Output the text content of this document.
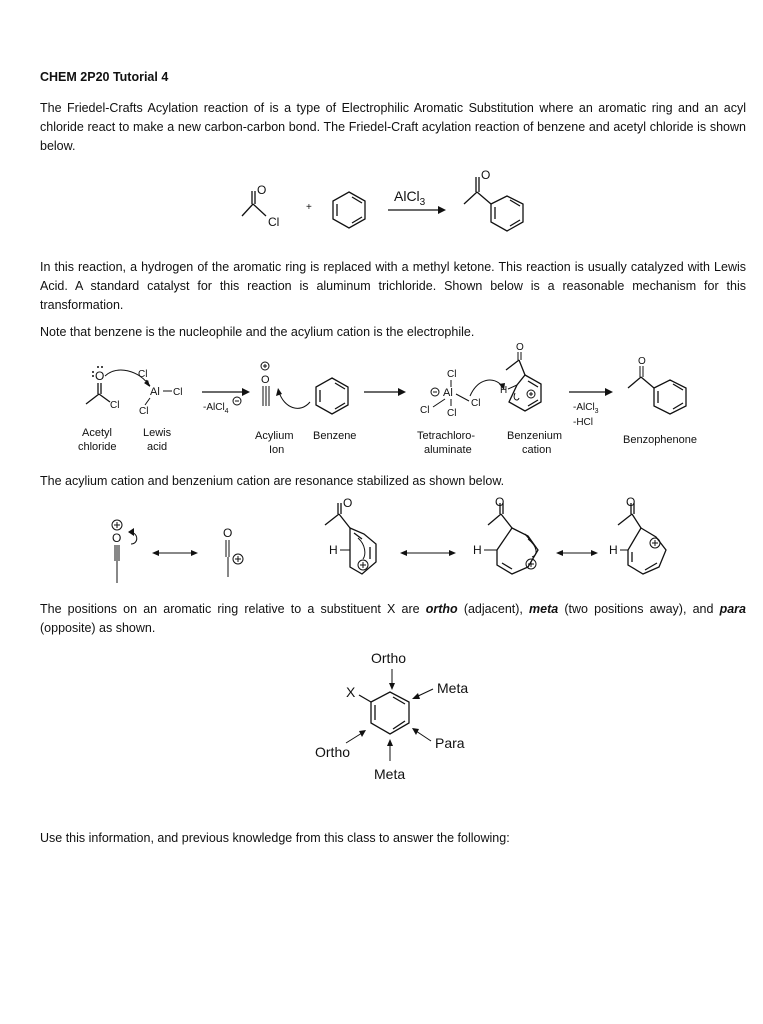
CHEM 2P20 Tutorial 4
The Friedel-Crafts Acylation reaction of is a type of Electrophilic Aromatic Substitution where an aromatic ring and an acyl chloride react to make a new carbon-carbon bond. The Friedel-Craft acylation reaction of benzene and acetyl chloride is shown below.
O
Cl
+
AlCl$_3$
O
In this reaction, a hydrogen of the aromatic ring is replaced with a methyl ketone. This reaction is usually catalyzed with Lewis Acid. A standard catalyst for this reaction is aluminum trichloride. Shown below is a reasonable mechanism for this transformation.
Note that benzene is the nucleophile and the acylium cation is the electrophile.
O
Cl
Cl
Al Cl
Cl
Acetyl
chloride
Lewis
acid
-AlCl$_4$
O
Acylium
Ion
Benzene
Cl
Al
Cl
Cl
Cl
O
H
Tetrachloro-
aluminate
Benzenium
cation
-AlCl$_3$
-HCl
O
Benzophenone
The acylium cation and benzenium cation are resonance stabilized as shown below.
O	O
O
H
O
H
O
H
The positions on an aromatic ring relative to a substituent X are ortho (adjacent), meta (two positions away), and para (opposite) as shown.
Ortho
X	Meta
Para
Ortho
Meta
Use this information, and previous knowledge from this class to answer the following:
